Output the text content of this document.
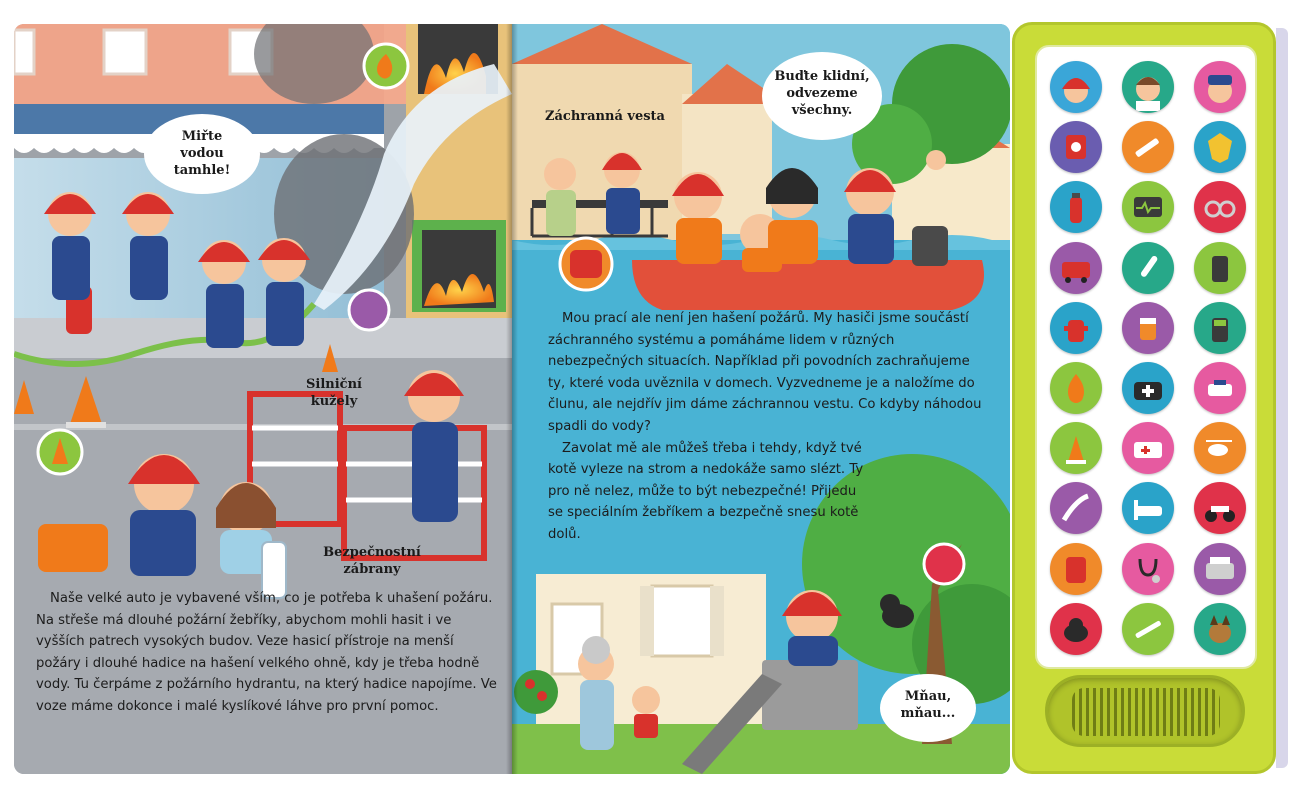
Miřte
vodou
tamhle!
Silniční
kužely
Bezpečnostní
zábrany

Naše velké auto je vybavené vším, co je potřeba k uhašení požáru. Na střeše má dlouhé požární žebříky, abychom mohli hasit i ve vyšších patrech vysokých budov. Veze hasicí přístroje na menší požáry i dlouhé hadice na hašení velkého ohně, kdy je třeba hodně vody. Tu čerpáme z požárního hydrantu, na který hadice napojíme. Ve voze máme dokonce i malé kyslíkové láhve pro první pomoc.

Buďte klidní,
odvezeme
všechny.
Záchranná vesta
Mňau,
mňau...

Mou prací ale není jen hašení požárů. My hasiči jsme součástí záchranného systému a pomáháme lidem v různých nebezpečných situacích. Například při povodních zachraňujeme ty, které voda uvěznila v domech. Vyzvedneme je a naložíme do člunu, ale nejdřív jim dáme záchrannou vestu. Co kdyby náhodou spadli do vody?

Zavolat mě ale můžeš třeba i tehdy, když tvé kotě vyleze na strom a nedokáže samo slézt. Ty pro ně nelez, může to být nebezpečné! Přijedu se speciálním žebříkem a bezpečně snesu kotě dolů.
